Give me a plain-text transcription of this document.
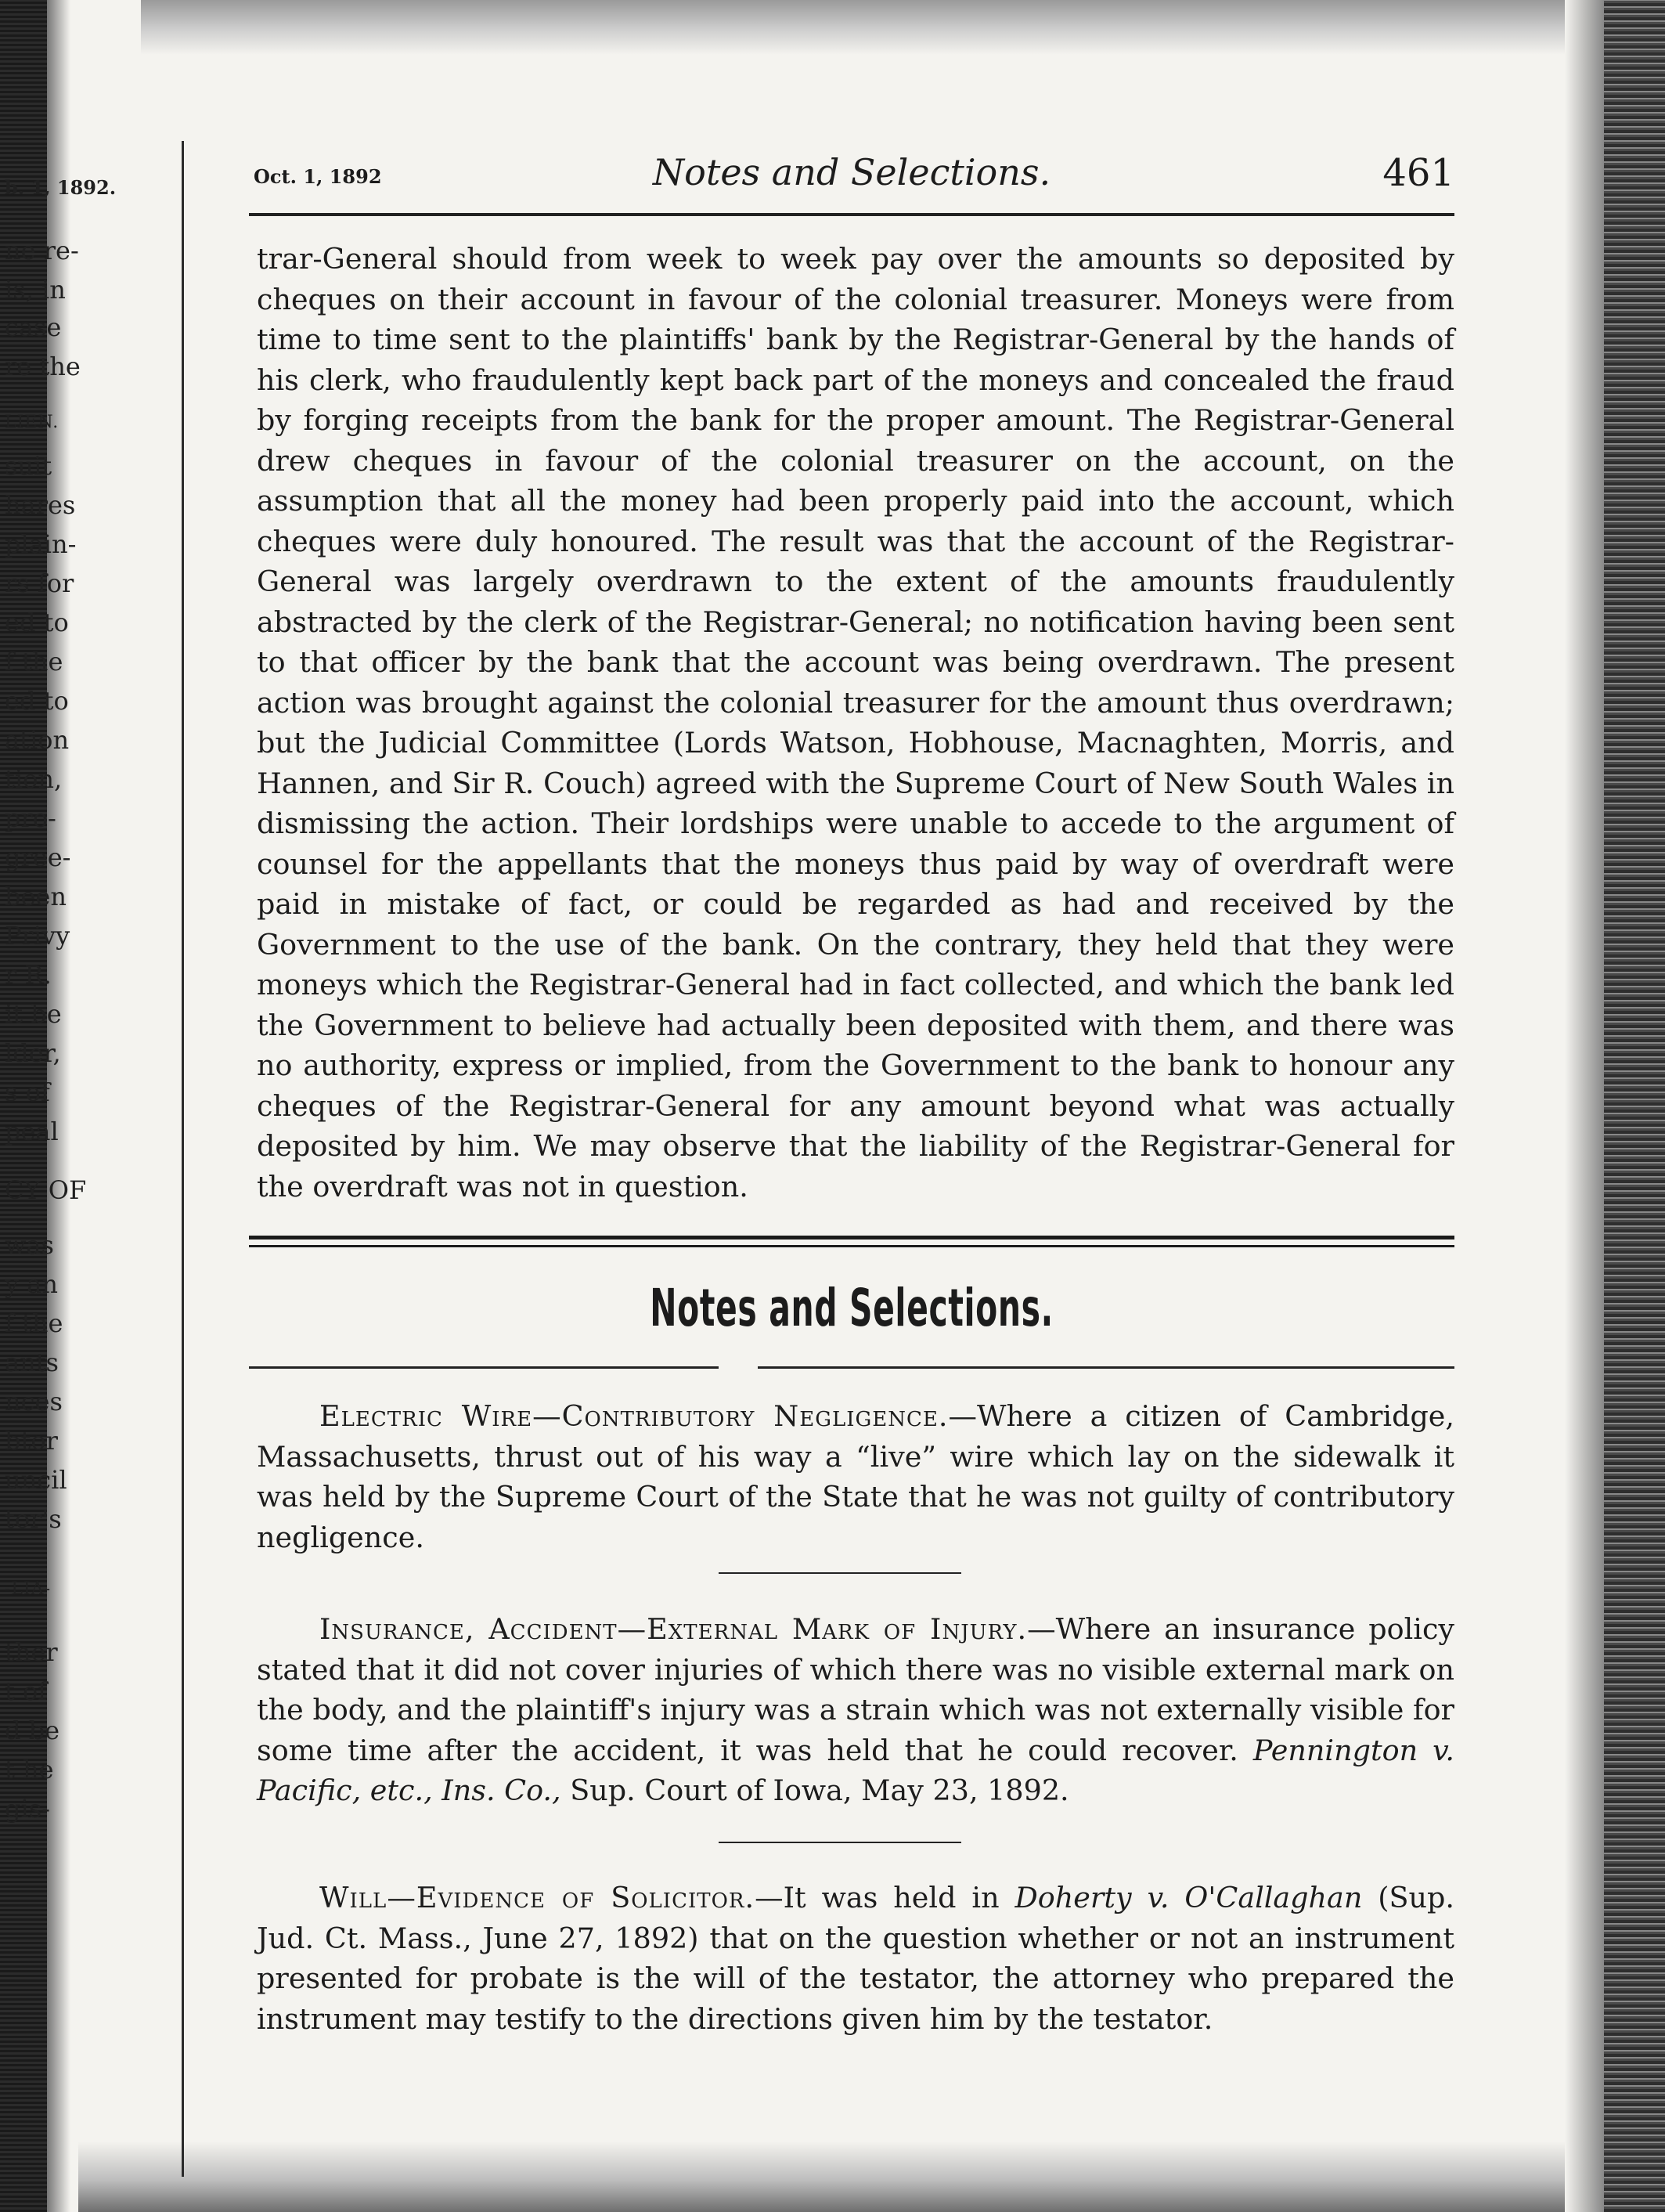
b. 1, 1892.
ne re-
is, in
case
re the
LIEN.
suit
hares
plain-
rs for
ed to
f the
ed to
ation
tion,
pro-
gree-
been
Privy
r R.
it be
lder,
s of
peal
CY OF
was
y an
f the
ants
nces
btor
uncil
tor's
-LIA-
ther
t of
d be
t he
gis-
Oct. 1, 1892	Notes and Selections.	461

trar-General should from week to week pay over the amounts so deposited by cheques on their account in favour of the colonial treasurer. Moneys were from time to time sent to the plaintiffs' bank by the Registrar-General by the hands of his clerk, who fraudulently kept back part of the moneys and concealed the fraud by forging receipts from the bank for the proper amount. The Registrar-General drew cheques in favour of the colonial treasurer on the account, on the assumption that all the money had been properly paid into the account, which cheques were duly honoured. The result was that the account of the Registrar-General was largely overdrawn to the extent of the amounts fraudulently abstracted by the clerk of the Registrar-General; no notification having been sent to that officer by the bank that the account was being overdrawn. The present action was brought against the colonial treasurer for the amount thus overdrawn; but the Judicial Committee (Lords Watson, Hobhouse, Macnaghten, Morris, and Hannen, and Sir R. Couch) agreed with the Supreme Court of New South Wales in dismissing the action. Their lordships were unable to accede to the argument of counsel for the appellants that the moneys thus paid by way of overdraft were paid in mistake of fact, or could be regarded as had and received by the Government to the use of the bank. On the contrary, they held that they were moneys which the Registrar-General had in fact collected, and which the bank led the Government to believe had actually been deposited with them, and there was no authority, express or implied, from the Government to the bank to honour any cheques of the Registrar-General for any amount beyond what was actually deposited by him. We may observe that the liability of the Registrar-General for the overdraft was not in question.

Notes and Selections.

Electric Wire—Contributory Negligence.—Where a citizen of Cambridge, Massachusetts, thrust out of his way a “live” wire which lay on the sidewalk it was held by the Supreme Court of the State that he was not guilty of contributory negligence.

Insurance, Accident—External Mark of Injury.—Where an insurance policy stated that it did not cover injuries of which there was no visible external mark on the body, and the plaintiff's injury was a strain which was not externally visible for some time after the accident, it was held that he could recover. Pennington v. Pacific, etc., Ins. Co., Sup. Court of Iowa, May 23, 1892.

Will—Evidence of Solicitor.—It was held in Doherty v. O'Callaghan (Sup. Jud. Ct. Mass., June 27, 1892) that on the question whether or not an instrument presented for probate is the will of the testator, the attorney who prepared the instrument may testify to the directions given him by the testator.
